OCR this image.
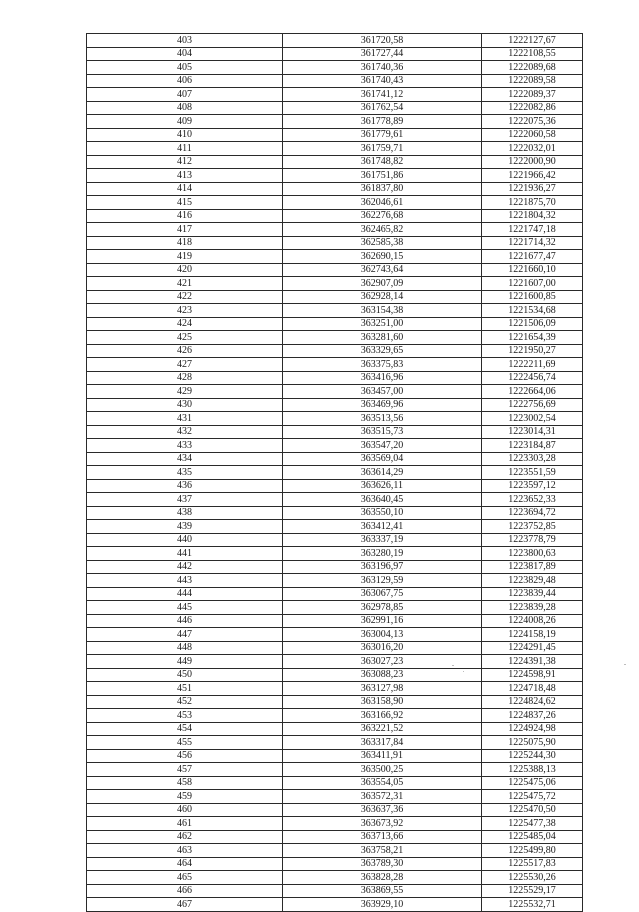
403	361720,58	1222127,67
404	361727,44	1222108,55
405	361740,36	1222089,68
406	361740,43	1222089,58
407	361741,12	1222089,37
408	361762,54	1222082,86
409	361778,89	1222075,36
410	361779,61	1222060,58
411	361759,71	1222032,01
412	361748,82	1222000,90
413	361751,86	1221966,42
414	361837,80	1221936,27
415	362046,61	1221875,70
416	362276,68	1221804,32
417	362465,82	1221747,18
418	362585,38	1221714,32
419	362690,15	1221677,47
420	362743,64	1221660,10
421	362907,09	1221607,00
422	362928,14	1221600,85
423	363154,38	1221534,68
424	363251,00	1221506,09
425	363281,60	1221654,39
426	363329,65	1221950,27
427	363375,83	1222211,69
428	363416,96	1222456,74
429	363457,00	1222664,06
430	363469,96	1222756,69
431	363513,56	1223002,54
432	363515,73	1223014,31
433	363547,20	1223184,87
434	363569,04	1223303,28
435	363614,29	1223551,59
436	363626,11	1223597,12
437	363640,45	1223652,33
438	363550,10	1223694,72
439	363412,41	1223752,85
440	363337,19	1223778,79
441	363280,19	1223800,63
442	363196,97	1223817,89
443	363129,59	1223829,48
444	363067,75	1223839,44
445	362978,85	1223839,28
446	362991,16	1224008,26
447	363004,13	1224158,19
448	363016,20	1224291,45
449	363027,23	1224391,38
450	363088,23	1224598,91
451	363127,98	1224718,48
452	363158,90	1224824,62
453	363166,92	1224837,26
454	363221,52	1224924,98
455	363317,84	1225075,90
456	363411,91	1225244,30
457	363500,25	1225388,13
458	363554,05	1225475,06
459	363572,31	1225475,72
460	363637,36	1225470,50
461	363673,92	1225477,38
462	363713,66	1225485,04
463	363758,21	1225499,80
464	363789,30	1225517,83
465	363828,28	1225530,26
466	363869,55	1225529,17
467	363929,10	1225532,71
